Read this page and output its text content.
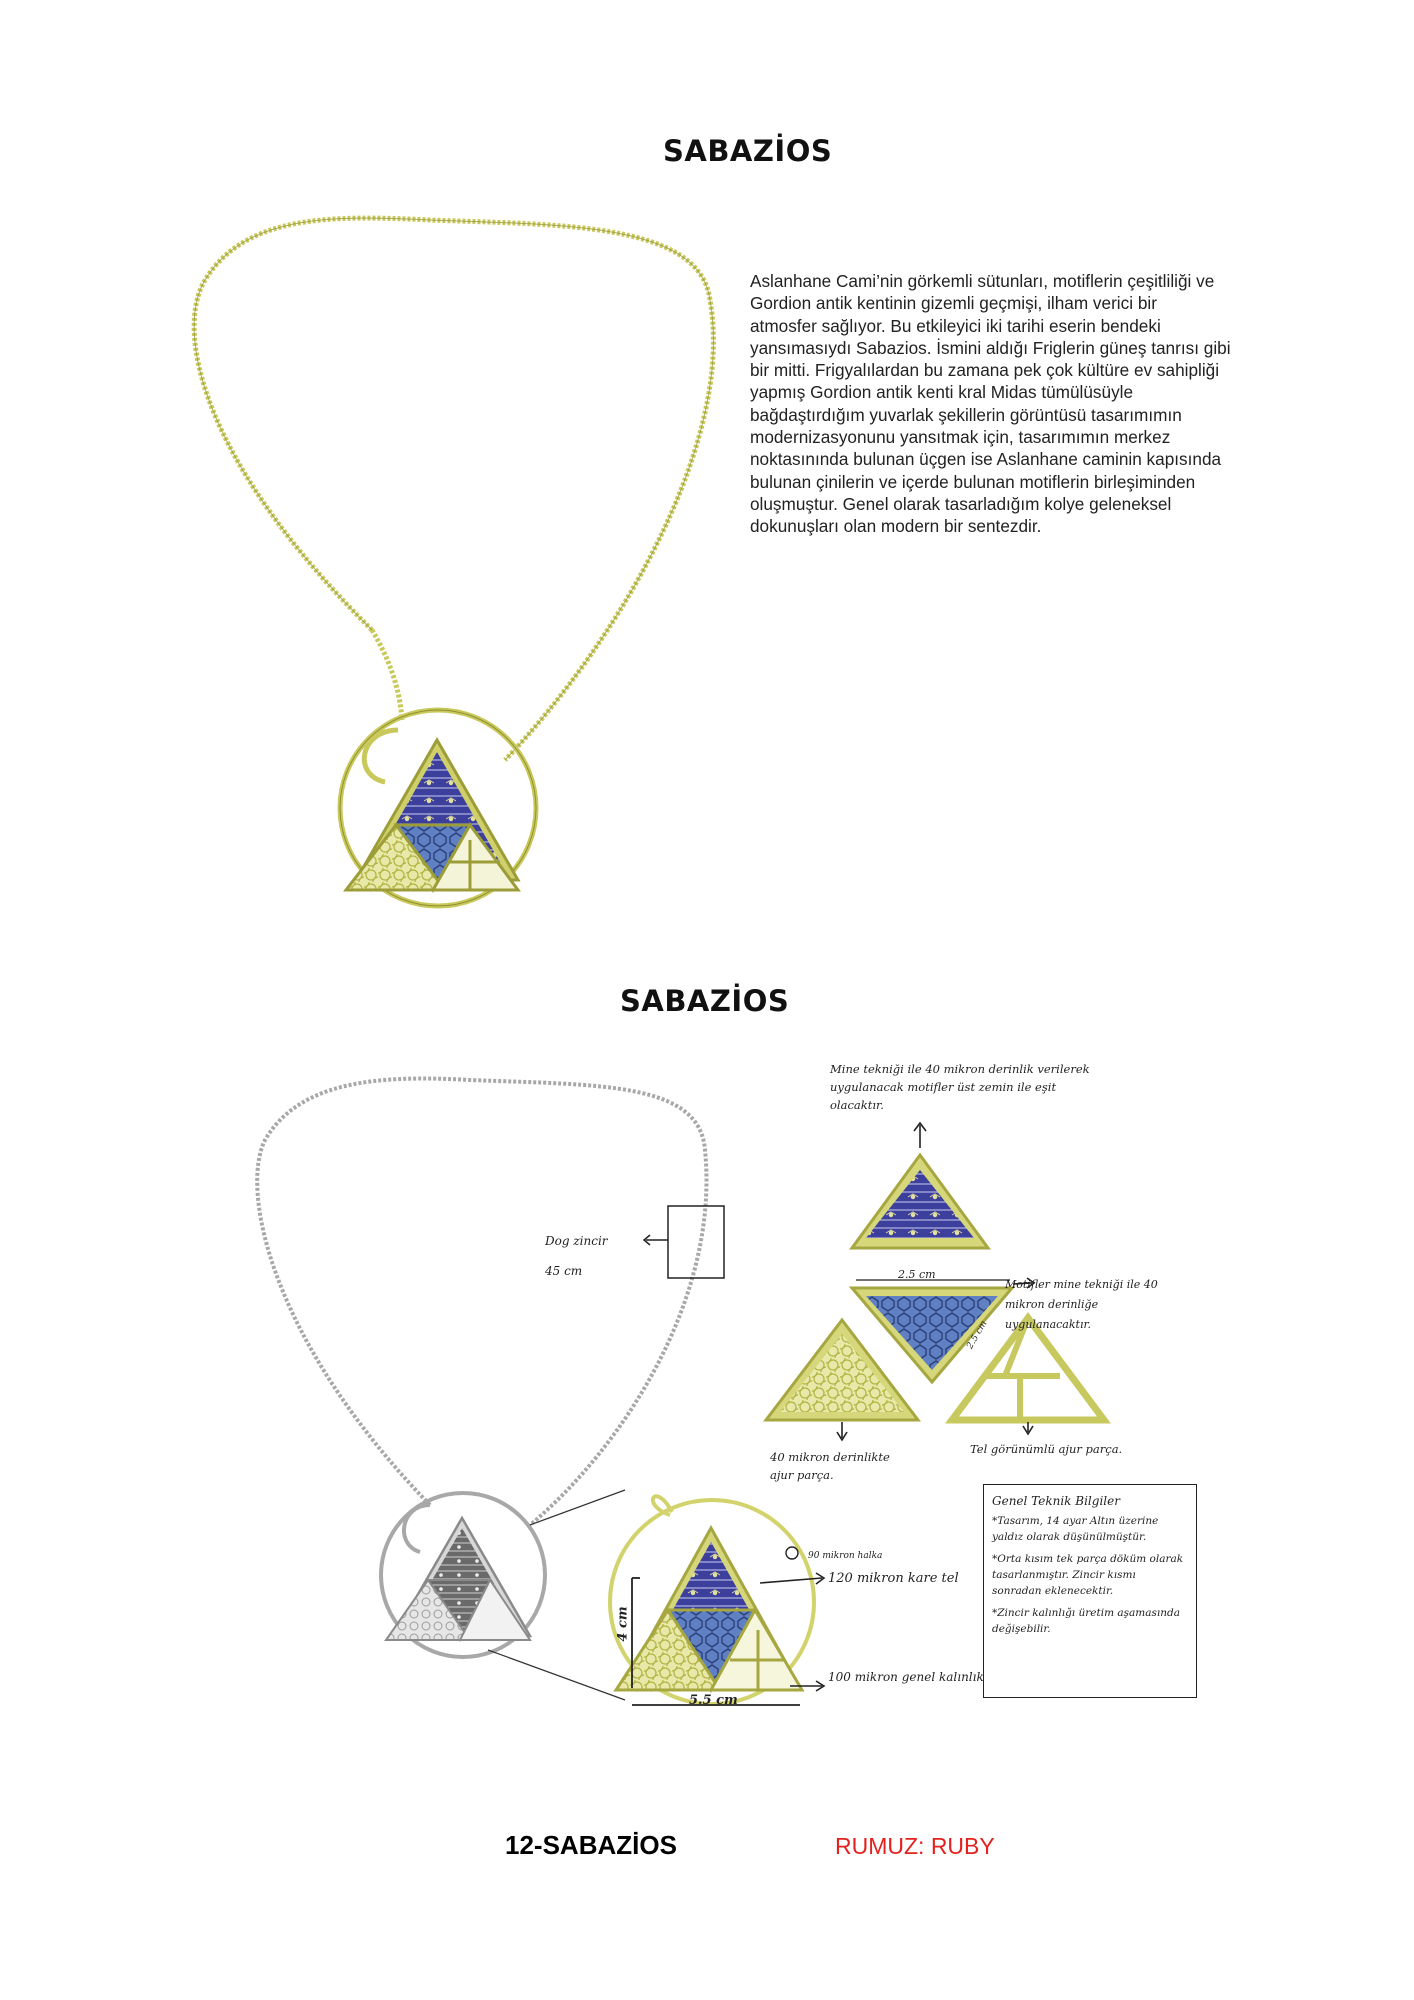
SABAZİOS
Aslanhane Cami’nin görkemli sütunları, motiflerin çeşitliliği ve
Gordion antik kentinin gizemli geçmişi, ilham verici bir
atmosfer sağlıyor. Bu etkileyici iki tarihi eserin bendeki
yansımasıydı Sabazios. İsmini aldığı Friglerin güneş tanrısı gibi
bir mitti. Frigyalılardan bu zamana pek çok kültüre ev sahipliği
yapmış Gordion antik kenti kral Midas tümülüsüyle
bağdaştırdığım yuvarlak şekillerin görüntüsü tasarımımın
modernizasyonunu yansıtmak için, tasarımımın merkez
noktasınında bulunan üçgen ise Aslanhane caminin kapısında
bulunan çinilerin ve içerde bulunan motiflerin birleşiminden
oluşmuştur. Genel olarak tasarladığım kolye geleneksel
dokunuşları olan modern bir sentezdir.
SABAZİOS
Mine tekniği ile 40 mikron derinlik verilerek uygulanacak motifler üst zemin ile eşit olacaktır.
Dog zincir
45 cm	2.5 cm
2.5 cm
Motifler mine tekniği ile 40 mikron derinliğe uygulanacaktır.
40 mikron derinlikte ajur parça.
Tel görünümlü ajur parça.
90 mikron halka
120 mikron kare tel
100 mikron genel kalınlık
4 cm
5.5 cm
Genel Teknik Bilgiler

*Tasarım, 14 ayar Altın üzerine yaldız olarak düşünülmüştür.

*Orta kısım tek parça döküm olarak tasarlanmıştır. Zincir kısmı sonradan eklenecektir.

*Zincir kalınlığı üretim aşamasında değişebilir.

12-SABAZİOS	RUMUZ: RUBY
